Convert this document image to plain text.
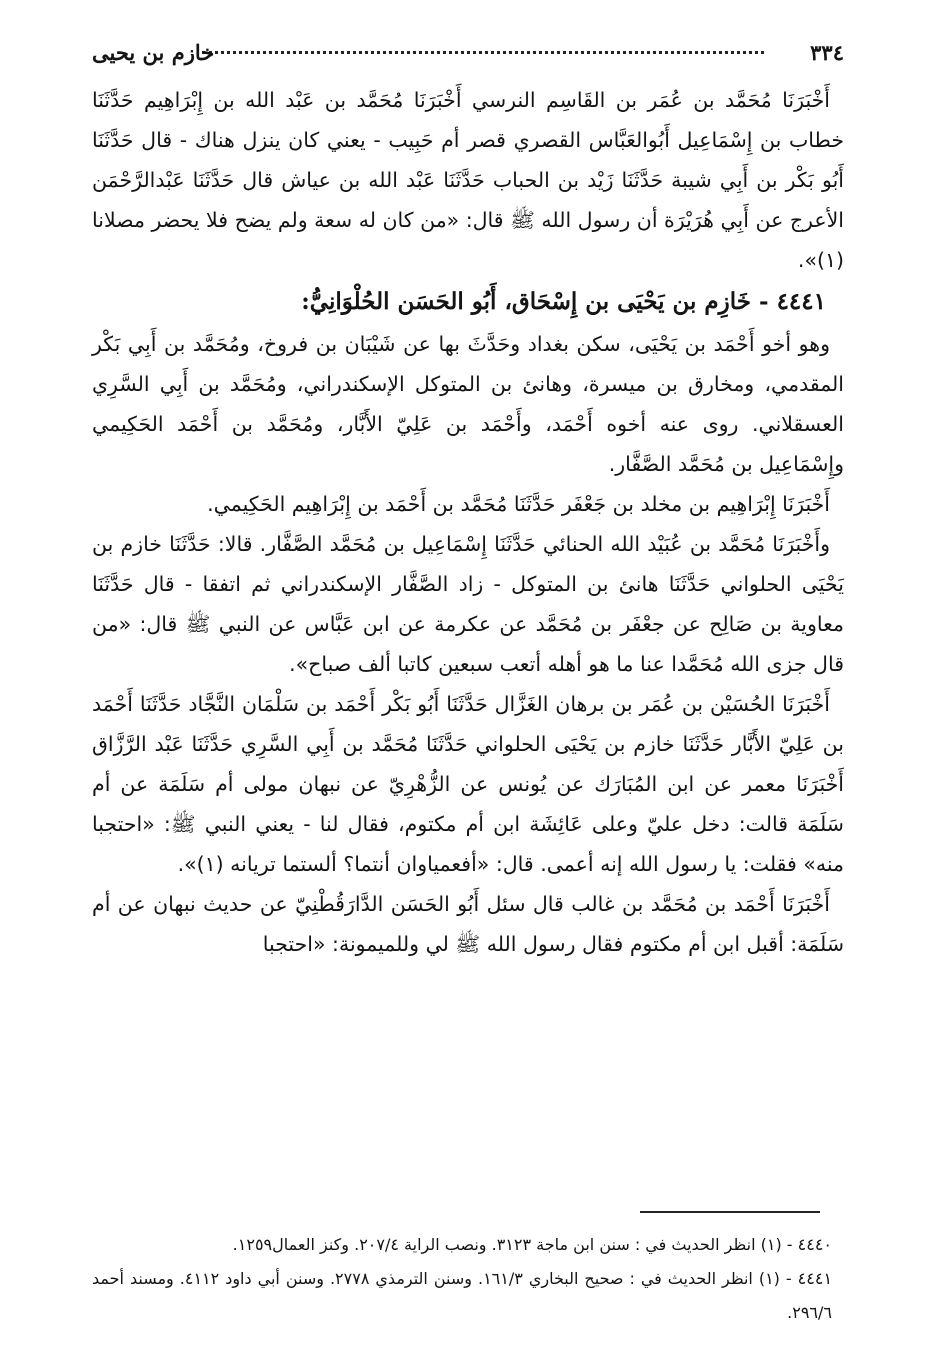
٣٣٤
خازم بن يحيى

أَخْبَرَنَا مُحَمَّد بن عُمَر بن القَاسِم النرسي أَخْبَرَنَا مُحَمَّد بن عَبْد الله بن إِبْرَاهِيم حَدَّثَنَا خطاب بن إِسْمَاعِيل أَبُوالعَبَّاس القصري قصر أم حَبِيب - يعني كان ينزل هناك - قال حَدَّثَنَا أَبُو بَكْر بن أَبِي شيبة حَدَّثَنَا زَيْد بن الحباب حَدَّثَنَا عَبْد الله بن عياش قال حَدَّثَنَا عَبْدالرَّحْمَن الأعرج عن أَبِي هُرَيْرَة أن رسول الله ﷺ قال: «من كان له سعة ولم يضح فلا يحضر مصلانا (١)».

٤٤٤١ - خَازِم بن يَحْيَى بن إِسْحَاق، أَبُو الحَسَن الحُلْوَانِيُّ:

وهو أخو أَحْمَد بن يَحْيَى، سكن بغداد وحَدَّثَ بها عن شَيْبَان بن فروخ، ومُحَمَّد بن أَبِي بَكْر المقدمي، ومخارق بن ميسرة، وهانئ بن المتوكل الإسكندراني، ومُحَمَّد بن أَبِي السَّرِي العسقلاني. روى عنه أخوه أَحْمَد، وأَحْمَد بن عَلِيّ الأَبَّار، ومُحَمَّد بن أَحْمَد الحَكِيمي وإِسْمَاعِيل بن مُحَمَّد الصَّفَّار.

أَخْبَرَنَا إِبْرَاهِيم بن مخلد بن جَعْفَر حَدَّثَنَا مُحَمَّد بن أَحْمَد بن إِبْرَاهِيم الحَكِيمي.

وأَخْبَرَنَا مُحَمَّد بن عُبَيْد الله الحنائي حَدَّثَنَا إِسْمَاعِيل بن مُحَمَّد الصَّفَّار. قالا: حَدَّثَنَا خازم بن يَحْيَى الحلواني حَدَّثَنَا هانئ بن المتوكل - زاد الصَّفَّار الإسكندراني ثم اتفقا - قال حَدَّثَنَا معاوية بن صَالِح عن جعْفَر بن مُحَمَّد عن عكرمة عن ابن عَبَّاس عن النبي ﷺ قال: «من قال جزى الله مُحَمَّدا عنا ما هو أهله أتعب سبعين كاتبا ألف صباح».

أَخْبَرَنَا الحُسَيْن بن عُمَر بن برهان الغَزَّال حَدَّثَنَا أَبُو بَكْر أَحْمَد بن سَلْمَان النَّجَّاد حَدَّثَنَا أَحْمَد بن عَلِيّ الأَبَّار حَدَّثَنَا خازم بن يَحْيَى الحلواني حَدَّثَنَا مُحَمَّد بن أَبِي السَّرِي حَدَّثَنَا عَبْد الرَّزَّاق أَخْبَرَنَا معمر عن ابن المُبَارَك عن يُونس عن الزُّهْرِيّ عن نبهان مولى أم سَلَمَة عن أم سَلَمَة قالت: دخل عليّ وعلى عَائِشَة ابن أم مكتوم، فقال لنا - يعني النبي ﷺ: «احتجبا منه» فقلت: يا رسول الله إنه أعمى. قال: «أفعمياوان أنتما؟ ألستما تريانه (١)».

أَخْبَرَنَا أَحْمَد بن مُحَمَّد بن غالب قال سئل أَبُو الحَسَن الدَّارَقُطْنِيّ عن حديث نبهان عن أم سَلَمَة: أقبل ابن أم مكتوم فقال رسول الله ﷺ لي وللميمونة: «احتجبا

٤٤٤٠ - (١) انظر الحديث في : سنن ابن ماجة ٣١٢٣. ونصب الراية ٢٠٧/٤. وكنز العمال١٢٥٩.

٤٤٤١ - (١) انظر الحديث في : صحيح البخاري ١٦١/٣. وسنن الترمذي ٢٧٧٨. وسنن أبي داود ٤١١٢. ومسند أحمد ٢٩٦/٦.
